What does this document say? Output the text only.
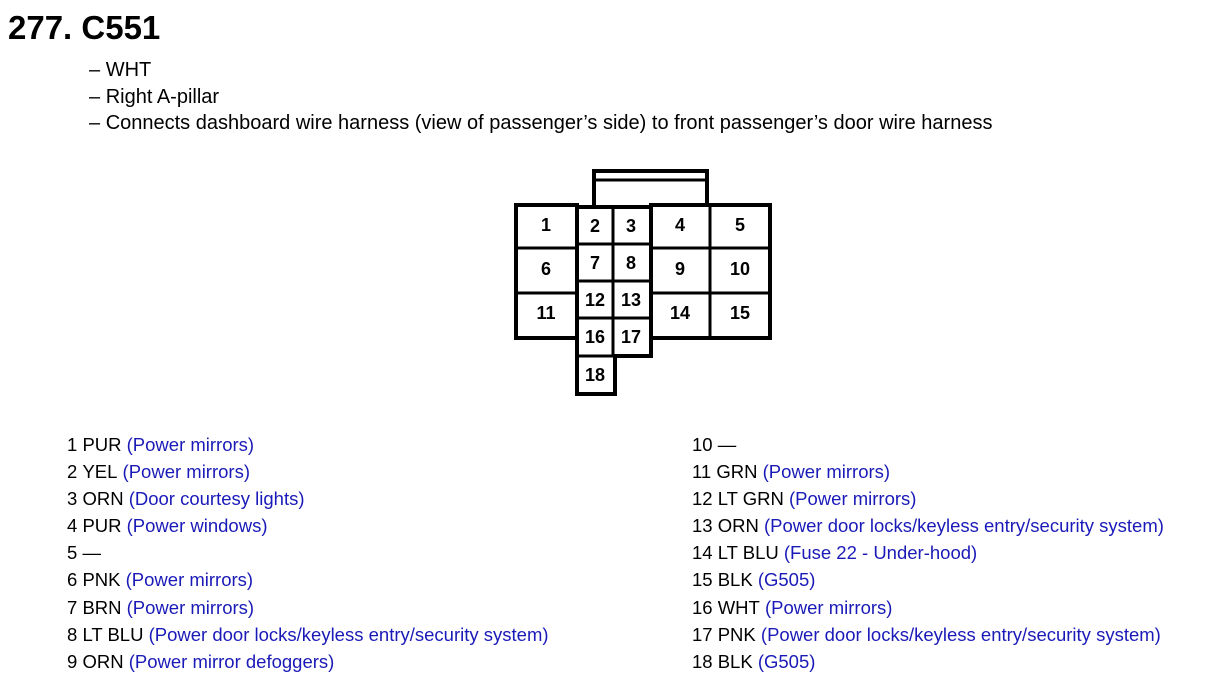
277. C551
– WHT
– Right A-pillar
– Connects dashboard wire harness (view of passenger’s side) to front passenger’s door wire harness
1 2 3 4	5
6 7 8 9 10
11
12 13
14 15
16 17
18
1 PUR (Power mirrors)
2 YEL (Power mirrors)
3 ORN (Door courtesy lights)
4 PUR (Power windows)
5 —
6 PNK (Power mirrors)
7 BRN (Power mirrors)
8 LT BLU (Power door locks/keyless entry/security system)
9 ORN (Power mirror defoggers)
10 —
11 GRN (Power mirrors)
12 LT GRN (Power mirrors)
13 ORN (Power door locks/keyless entry/security system)
14 LT BLU (Fuse 22 - Under-hood)
15 BLK (G505)
16 WHT (Power mirrors)
17 PNK (Power door locks/keyless entry/security system)
18 BLK (G505)
